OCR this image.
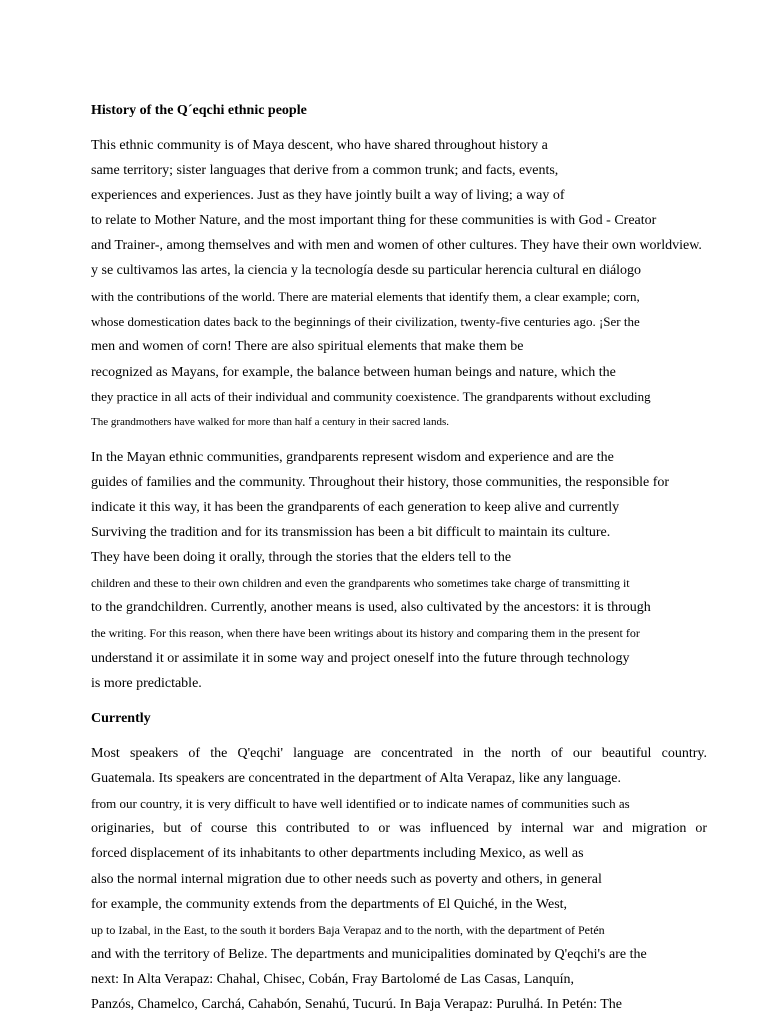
History of the Q´eqchi ethnic people
This ethnic community is of Maya descent, who have shared throughout history a
same territory; sister languages that derive from a common trunk; and facts, events,
experiences and experiences. Just as they have jointly built a way of living; a way of
to relate to Mother Nature, and the most important thing for these communities is with God - Creator
and Trainer-, among themselves and with men and women of other cultures. They have their own worldview.
y se cultivamos las artes, la ciencia y la tecnología desde su particular herencia cultural en diálogo
with the contributions of the world. There are material elements that identify them, a clear example; corn,
whose domestication dates back to the beginnings of their civilization, twenty-five centuries ago. ¡Ser the
men and women of corn! There are also spiritual elements that make them be
recognized as Mayans, for example, the balance between human beings and nature, which the
they practice in all acts of their individual and community coexistence. The grandparents without excluding
The grandmothers have walked for more than half a century in their sacred lands.
In the Mayan ethnic communities, grandparents represent wisdom and experience and are the
guides of families and the community. Throughout their history, those communities, the responsible for
indicate it this way, it has been the grandparents of each generation to keep alive and currently
Surviving the tradition and for its transmission has been a bit difficult to maintain its culture.
They have been doing it orally, through the stories that the elders tell to the
children and these to their own children and even the grandparents who sometimes take charge of transmitting it
to the grandchildren. Currently, another means is used, also cultivated by the ancestors: it is through
the writing. For this reason, when there have been writings about its history and comparing them in the present for
understand it or assimilate it in some way and project oneself into the future through technology
is more predictable.
Currently
Most speakers of the Q'eqchi' language are concentrated in the north of our beautiful country.
Guatemala. Its speakers are concentrated in the department of Alta Verapaz, like any language.
from our country, it is very difficult to have well identified or to indicate names of communities such as
originaries, but of course this contributed to or was influenced by internal war and migration or
forced displacement of its inhabitants to other departments including Mexico, as well as
also the normal internal migration due to other needs such as poverty and others, in general
for example, the community extends from the departments of El Quiché, in the West,
up to Izabal, in the East, to the south it borders Baja Verapaz and to the north, with the department of Petén
and with the territory of Belize. The departments and municipalities dominated by Q'eqchi's are the
next: In Alta Verapaz: Chahal, Chisec, Cobán, Fray Bartolomé de Las Casas, Lanquín,
Panzós, Chamelco, Carchá, Cahabón, Senahú, Tucurú. In Baja Verapaz: Purulhá. In Petén: The
